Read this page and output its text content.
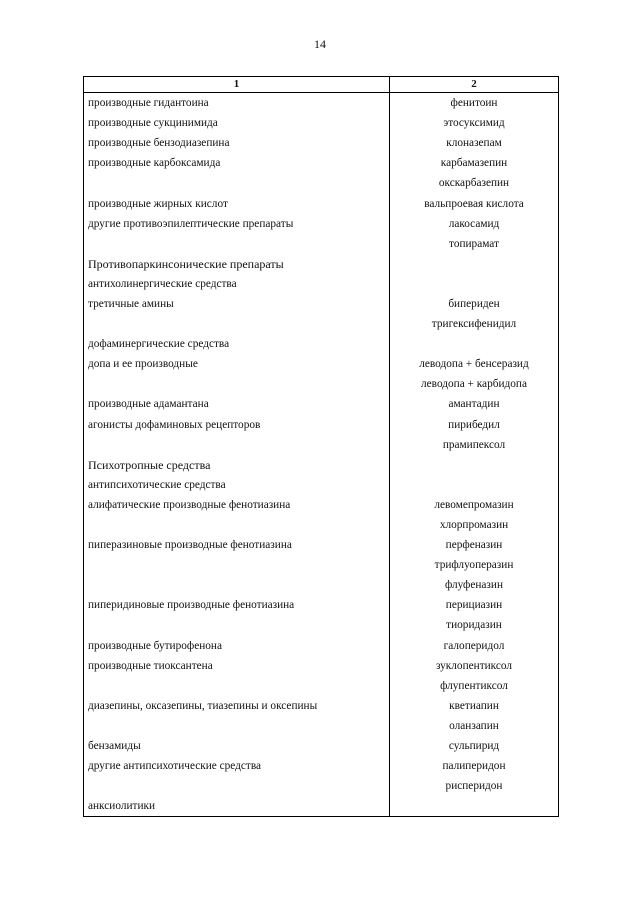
14
1	2
производные гидантоина	фенитоин
производные сукцинимида	этосуксимид
производные бензодиазепина	клоназепам
производные карбоксамида	карбамазепин
	окскарбазепин
производные жирных кислот	вальпроевая кислота
другие противоэпилептические препараты	лакосамид
	топирамат
Противопаркинсонические препараты	
антихолинергические средства	
третичные амины	бипериден
	тригексифенидил
дофаминергические средства	
допа и ее производные	леводопа + бенсеразид
	леводопа + карбидопа
производные адамантана	амантадин
агонисты дофаминовых рецепторов	пирибедил
	прамипексол
Психотропные средства	
антипсихотические средства	
алифатические производные фенотиазина	левомепромазин
	хлорпромазин
пиперазиновые производные фенотиазина	перфеназин
	трифлуоперазин
	флуфеназин
пиперидиновые производные фенотиазина	перициазин
	тиоридазин
производные бутирофенона	галоперидол
производные тиоксантена	зуклопентиксол
	флупентиксол
диазепины, оксазепины, тиазепины и оксепины	кветиапин
	оланзапин
бензамиды	сульпирид
другие антипсихотические средства	палиперидон
	рисперидон
анксиолитики	
